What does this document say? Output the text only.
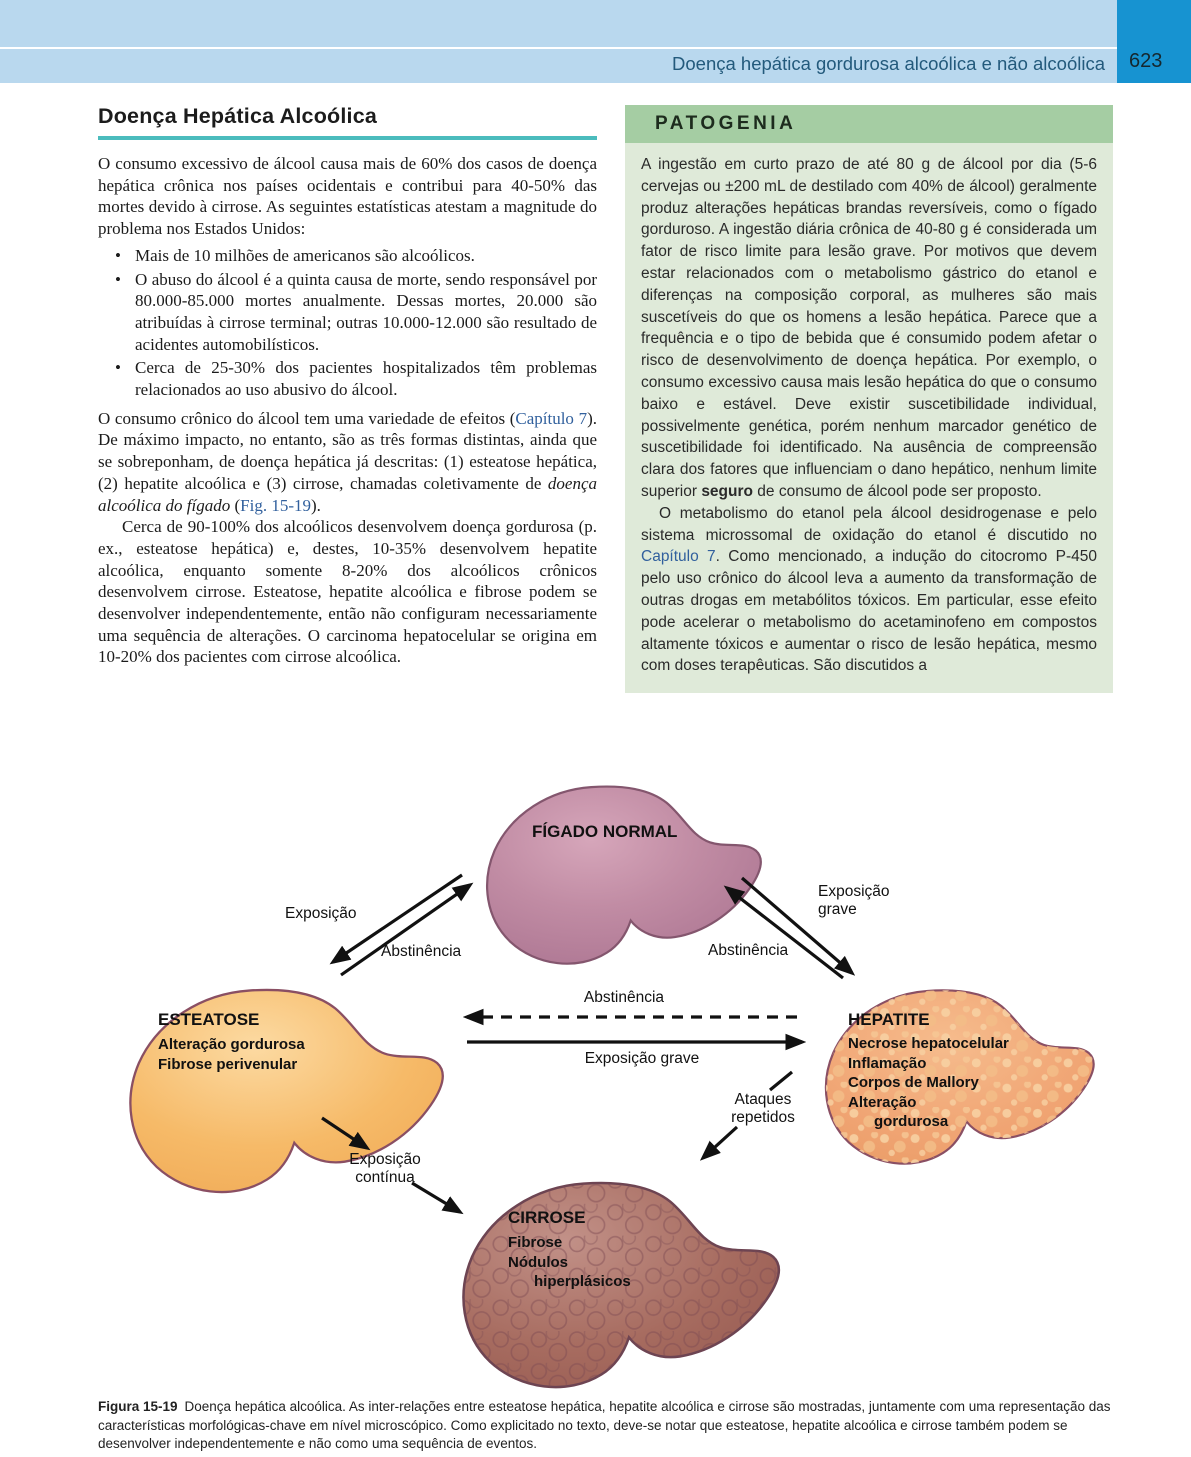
Doença hepática gordurosa alcoólica e não alcoólica 623
Doença Hepática Alcoólica

O consumo excessivo de álcool causa mais de 60% dos casos de doença hepática crônica nos países ocidentais e contribui para 40-50% das mortes devido à cirrose. As seguintes estatísticas atestam a magnitude do problema nos Estados Unidos:

• Mais de 10 milhões de americanos são alcoólicos.
• O abuso do álcool é a quinta causa de morte, sendo responsável por 80.000-85.000 mortes anualmente. Dessas mortes, 20.000 são atribuídas à cirrose terminal; outras 10.000-12.000 são resultado de acidentes automobilísticos.
• Cerca de 25-30% dos pacientes hospitalizados têm problemas relacionados ao uso abusivo do álcool.

O consumo crônico do álcool tem uma variedade de efeitos (Capítulo 7). De máximo impacto, no entanto, são as três formas distintas, ainda que se sobreponham, de doença hepática já descritas: (1) esteatose hepática, (2) hepatite alcoólica e (3) cirrose, chamadas coletivamente de doença alcoólica do fígado (Fig. 15-19).

Cerca de 90-100% dos alcoólicos desenvolvem doença gordurosa (p. ex., esteatose hepática) e, destes, 10-35% desenvolvem hepatite alcoólica, enquanto somente 8-20% dos alcoólicos crônicos desenvolvem cirrose. Esteatose, hepatite alcoólica e fibrose podem se desenvolver independentemente, então não configuram necessariamente uma sequência de alterações. O carcinoma hepatocelular se origina em 10-20% dos pacientes com cirrose alcoólica.

PATOGENIA

A ingestão em curto prazo de até 80 g de álcool por dia (5-6 cervejas ou ±200 mL de destilado com 40% de álcool) geralmente produz alterações hepáticas brandas reversíveis, como o fígado gorduroso. A ingestão diária crônica de 40-80 g é considerada um fator de risco limite para lesão grave. Por motivos que devem estar relacionados com o metabolismo gástrico do etanol e diferenças na composição corporal, as mulheres são mais suscetíveis do que os homens a lesão hepática. Parece que a frequência e o tipo de bebida que é consumido podem afetar o risco de desenvolvimento de doença hepática. Por exemplo, o consumo excessivo causa mais lesão hepática do que o consumo baixo e estável. Deve existir suscetibilidade individual, possivelmente genética, porém nenhum marcador genético de suscetibilidade foi identificado. Na ausência de compreensão clara dos fatores que influenciam o dano hepático, nenhum limite superior seguro de consumo de álcool pode ser proposto.

O metabolismo do etanol pela álcool desidrogenase e pelo sistema microssomal de oxidação do etanol é discutido no Capítulo 7. Como mencionado, a indução do citocromo P-450 pelo uso crônico do álcool leva a aumento da transformação de outras drogas em metabólitos tóxicos. Em particular, esse efeito pode acelerar o metabolismo do acetaminofeno em compostos altamente tóxicos e aumentar o risco de lesão hepática, mesmo com doses terapêuticas. São discutidos a

FÍGADO NORMAL
ESTEATOSE
Alteração gordurosa
Fibrose perivenular
HEPATITE
Necrose hepatocelular
Inflamação
Corpos de Mallory
Alteração
gordurosa
CIRROSE
Fibrose
Nódulos
hiperplásicos
Exposição
Abstinência
Exposição grave
Abstinência
Abstinência
Exposição grave
Exposição contínua
Ataques repetidos
Figura 15-19 Doença hepática alcoólica. As inter-relações entre esteatose hepática, hepatite alcoólica e cirrose são mostradas, juntamente com uma representação das características morfológicas-chave em nível microscópico. Como explicitado no texto, deve-se notar que esteatose, hepatite alcoólica e cirrose também podem se desenvolver independentemente e não como uma sequência de eventos.
